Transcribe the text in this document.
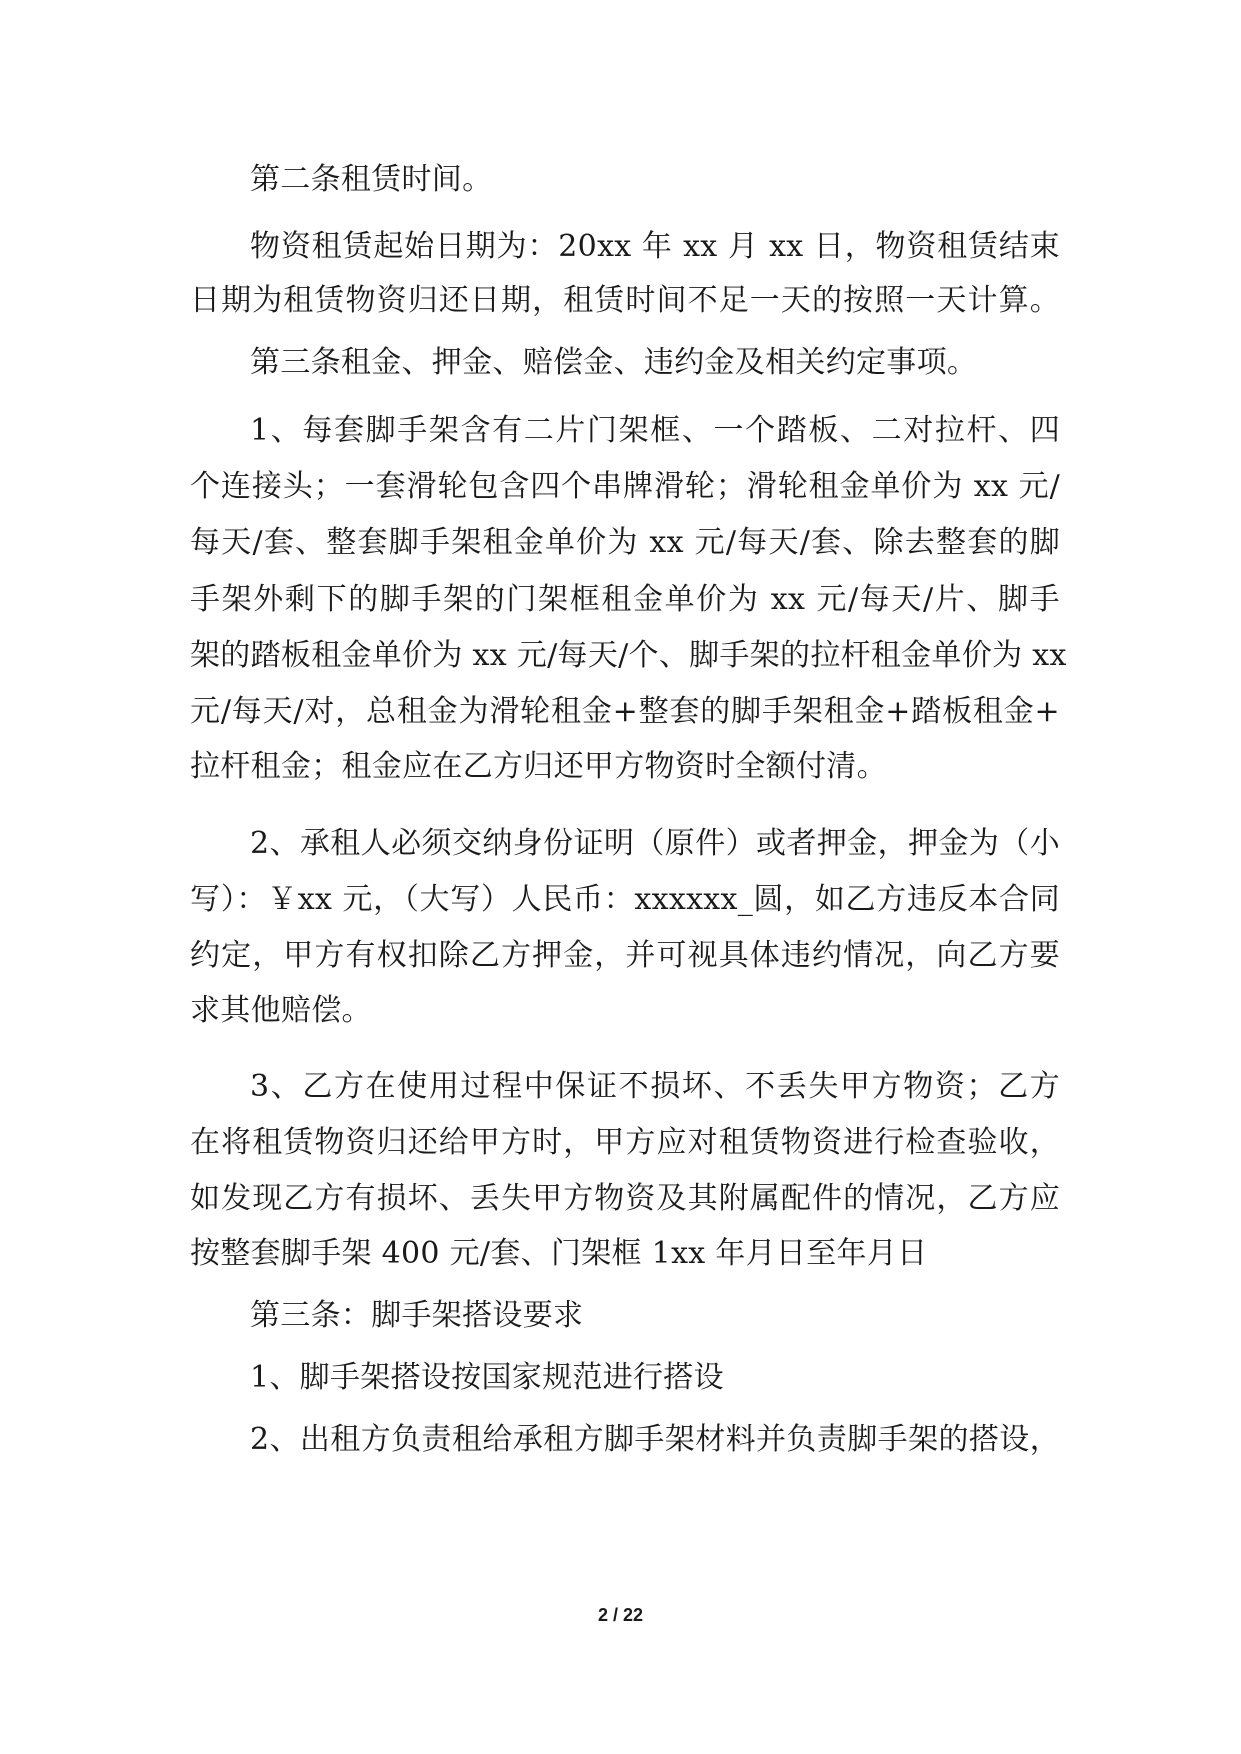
第二条租赁时间。
物资租赁起始日期为：20xx 年 xx 月 xx 日，物资租赁结束
日期为租赁物资归还日期，租赁时间不足一天的按照一天计算。
第三条租金、押金、赔偿金、违约金及相关约定事项。
1、每套脚手架含有二片门架框、一个踏板、二对拉杆、四
个连接头；一套滑轮包含四个串牌滑轮；滑轮租金单价为 xx 元/
每天/套、整套脚手架租金单价为 xx 元/每天/套、除去整套的脚
手架外剩下的脚手架的门架框租金单价为 xx 元/每天/片、脚手
架的踏板租金单价为 xx 元/每天/个、脚手架的拉杆租金单价为 xx
元/每天/对，总租金为滑轮租金+整套的脚手架租金+踏板租金+
拉杆租金；租金应在乙方归还甲方物资时全额付清。
2、承租人必须交纳身份证明（原件）或者押金，押金为（小
写）：￥xx 元，（大写）人民币：xxxxxx_圆，如乙方违反本合同
约定，甲方有权扣除乙方押金，并可视具体违约情况，向乙方要
求其他赔偿。
3、乙方在使用过程中保证不损坏、不丢失甲方物资；乙方
在将租赁物资归还给甲方时，甲方应对租赁物资进行检查验收，
如发现乙方有损坏、丢失甲方物资及其附属配件的情况，乙方应
按整套脚手架 400 元/套、门架框 1xx 年月日至年月日
第三条：脚手架搭设要求
1、脚手架搭设按国家规范进行搭设
2、出租方负责租给承租方脚手架材料并负责脚手架的搭设，
2 / 22
